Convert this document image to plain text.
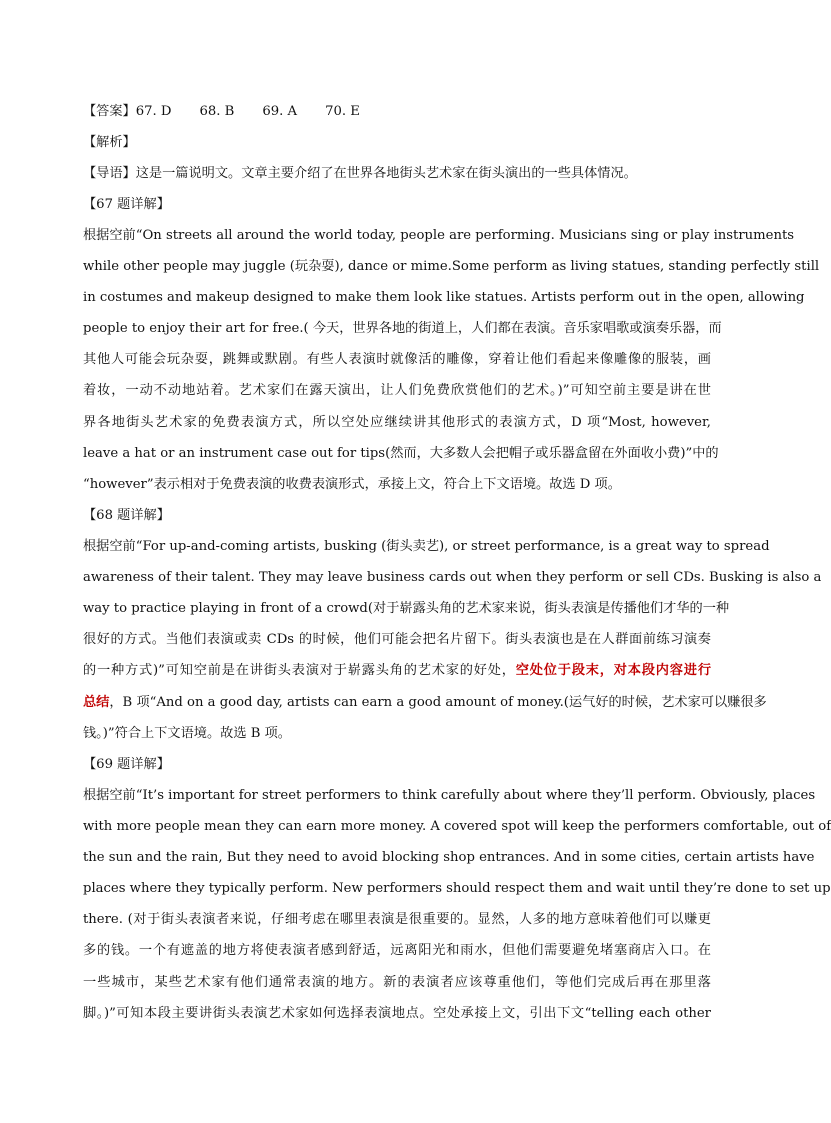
【答案】67. D 68. B 69. A 70. E
【解析】
【导语】这是一篇说明文。文章主要介绍了在世界各地街头艺术家在街头演出的一些具体情况。
【67 题详解】
根据空前“On streets all around the world today, people are performing. Musicians sing or play instruments
while other people may juggle (玩杂耍), dance or mime.Some perform as living statues, standing perfectly still
in costumes and makeup designed to make them look like statues. Artists perform out in the open, allowing
people to enjoy their art for free.( 今天，世界各地的街道上，人们都在表演。音乐家唱歌或演奏乐器，而
其他人可能会玩杂耍，跳舞或默剧。有些人表演时就像活的雕像，穿着让他们看起来像雕像的服装，画
着妆，一动不动地站着。艺术家们在露天演出，让人们免费欣赏他们的艺术。)”可知空前主要是讲在世
界各地街头艺术家的免费表演方式，所以空处应继续讲其他形式的表演方式，D 项“Most, however,
leave a hat or an instrument case out for tips(然而，大多数人会把帽子或乐器盒留在外面收小费)”中的
“however”表示相对于免费表演的收费表演形式，承接上文，符合上下文语境。故选 D 项。
【68 题详解】
根据空前“For up-and-coming artists, busking (街头卖艺), or street performance, is a great way to spread
awareness of their talent. They may leave business cards out when they perform or sell CDs. Busking is also a
way to practice playing in front of a crowd(对于崭露头角的艺术家来说，街头表演是传播他们才华的一种
很好的方式。当他们表演或卖 CDs 的时候，他们可能会把名片留下。街头表演也是在人群面前练习演奏
的一种方式)”可知空前是在讲街头表演对于崭露头角的艺术家的好处，空处位于段末，对本段内容进行
总结，B 项“And on a good day, artists can earn a good amount of money.(运气好的时候，艺术家可以赚很多
钱。)”符合上下文语境。故选 B 项。
【69 题详解】
根据空前“It’s important for street performers to think carefully about where they’ll perform. Obviously, places
with more people mean they can earn more money. A covered spot will keep the performers comfortable, out of
the sun and the rain, But they need to avoid blocking shop entrances. And in some cities, certain artists have
places where they typically perform. New performers should respect them and wait until they’re done to set up
there. (对于街头表演者来说，仔细考虑在哪里表演是很重要的。显然，人多的地方意味着他们可以赚更
多的钱。一个有遮盖的地方将使表演者感到舒适，远离阳光和雨水，但他们需要避免堵塞商店入口。在
一些城市，某些艺术家有他们通常表演的地方。新的表演者应该尊重他们，等他们完成后再在那里落
脚。)”可知本段主要讲街头表演艺术家如何选择表演地点。空处承接上文，引出下文“telling each other
